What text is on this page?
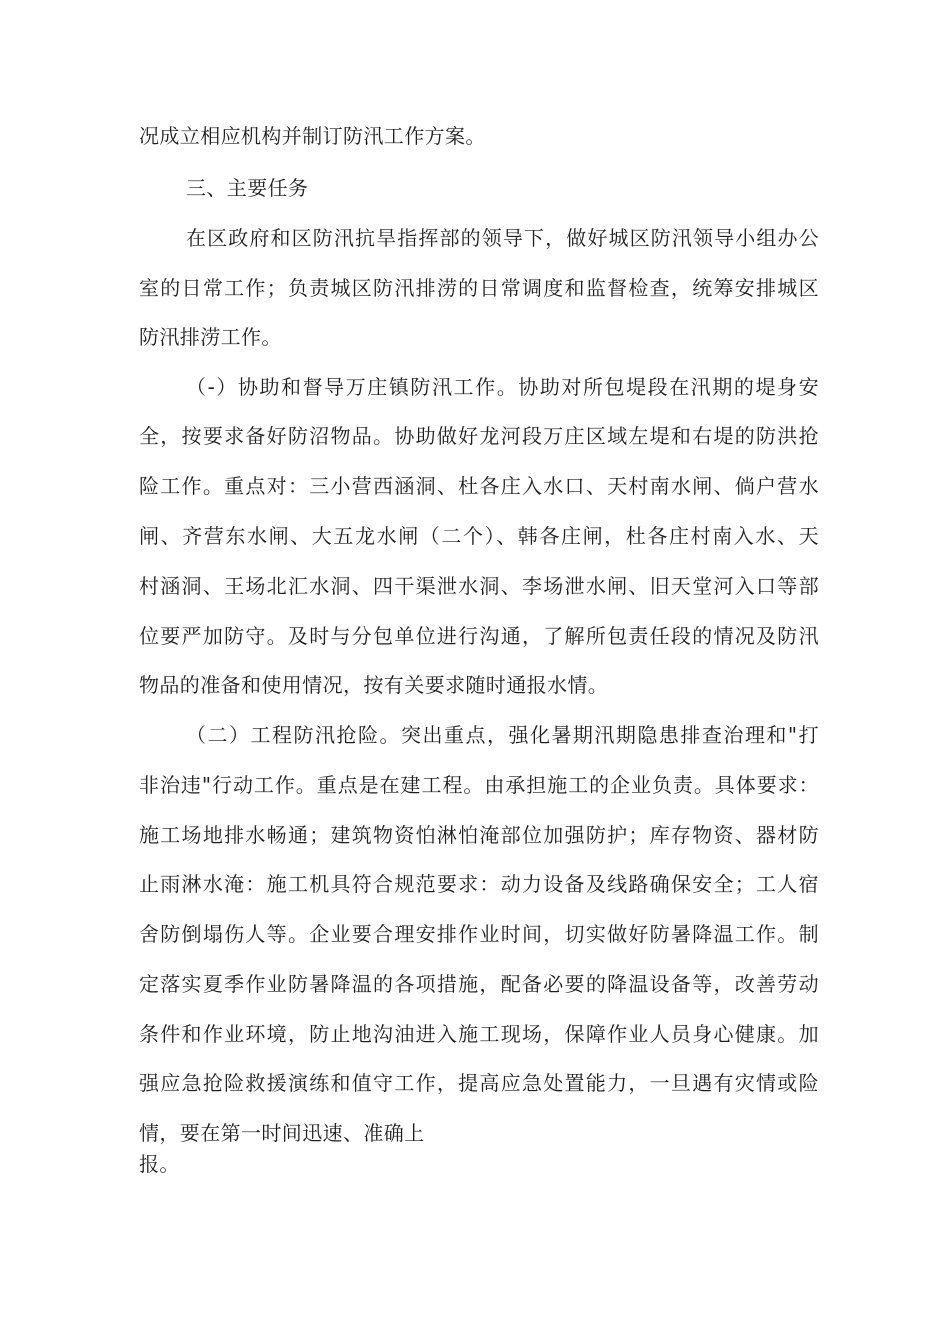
况成立相应机构并制订防汛工作方案。
三、主要任务
在区政府和区防汛抗旱指挥部的领导下，做好城区防汛领导小组办公
室的日常工作；负责城区防汛排涝的日常调度和监督检查，统筹安排城区
防汛排涝工作。
（-）协助和督导万庄镇防汛工作。协助对所包堤段在汛期的堤身安
全，按要求备好防沼物品。协助做好龙河段万庄区域左堤和右堤的防洪抢
险工作。重点对：三小营西涵洞、杜各庄入水口、天村南水闸、倘户营水
闸、齐营东水闸、大五龙水闸（二个）、韩各庄闸，杜各庄村南入水、天
村涵洞、王场北汇水洞、四干渠泄水洞、李场泄水闸、旧天堂河入口等部
位要严加防守。及时与分包单位进行沟通，了解所包责任段的情况及防汛
物品的准备和使用情况，按有关要求随时通报水情。
（二）工程防汛抢险。突出重点，强化暑期汛期隐患排查治理和"打
非治违"行动工作。重点是在建工程。由承担施工的企业负责。具体要求：
施工场地排水畅通；建筑物资怕淋怕淹部位加强防护；库存物资、器材防
止雨淋水淹：施工机具符合规范要求：动力设备及线路确保安全；工人宿
舍防倒塌伤人等。企业要合理安排作业时间，切实做好防暑降温工作。制
定落实夏季作业防暑降温的各项措施，配备必要的降温设备等，改善劳动
条件和作业环境，防止地沟油进入施工现场，保障作业人员身心健康。加
强应急抢险救援演练和值守工作，提高应急处置能力，一旦遇有灾情或险
情，要在第一时间迅速、准确上
报。
